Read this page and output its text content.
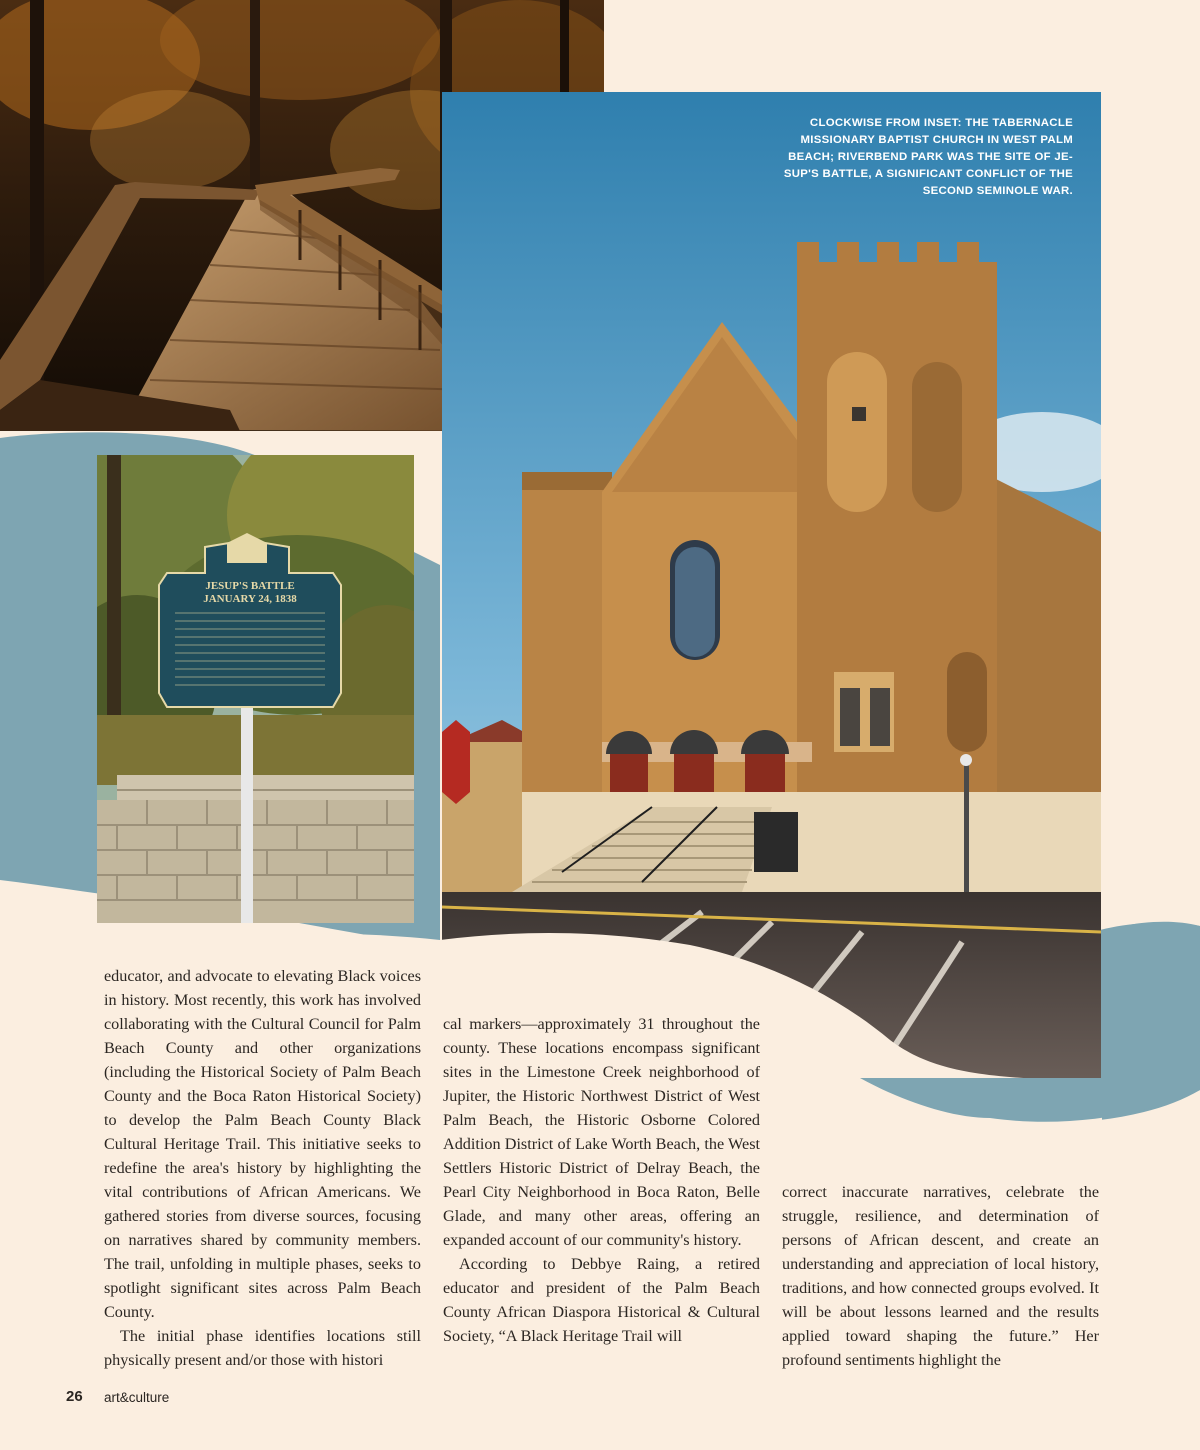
JESUP'S BATTLE
JANUARY 24, 1838
CLOCKWISE FROM INSET: THE TABERNACLE
MISSIONARY BAPTIST CHURCH IN WEST PALM
BEACH; RIVERBEND PARK WAS THE SITE OF JE-
SUP'S BATTLE, A SIGNIFICANT CONFLICT OF THE
SECOND SEMINOLE WAR.

educator, and advocate to elevating Black voices in history. Most recently, this work has involved collaborating with the Cultural Council for Palm Beach County and other organizations (including the Historical Society of Palm Beach County and the Boca Raton Historical Society) to develop the Palm Beach County Black Cultural Heritage Trail. This initiative seeks to redefine the area's history by highlighting the vital contributions of African Americans. We gathered stories from diverse sources, focusing on narratives shared by community members. The trail, unfolding in multiple phases, seeks to spotlight significant sites across Palm Beach County.

The initial phase identifies locations still physically present and/or those with histori

cal markers—approximately 31 throughout the county. These locations encompass significant sites in the Limestone Creek neighborhood of Jupiter, the Historic Northwest District of West Palm Beach, the Historic Osborne Colored Addition District of Lake Worth Beach, the West Settlers Historic District of Delray Beach, the Pearl City Neighborhood in Boca Raton, Belle Glade, and many other areas, offering an expanded account of our community's history.

According to Debbye Raing, a retired educator and president of the Palm Beach County African Diaspora Historical & Cultural Society, “A Black Heritage Trail will

correct inaccurate narratives, celebrate the struggle, resilience, and determination of persons of African descent, and create an understanding and appreciation of local history, traditions, and how connected groups evolved. It will be about lessons learned and the results applied toward shaping the future.” Her profound sentiments highlight the

26 art&culture
